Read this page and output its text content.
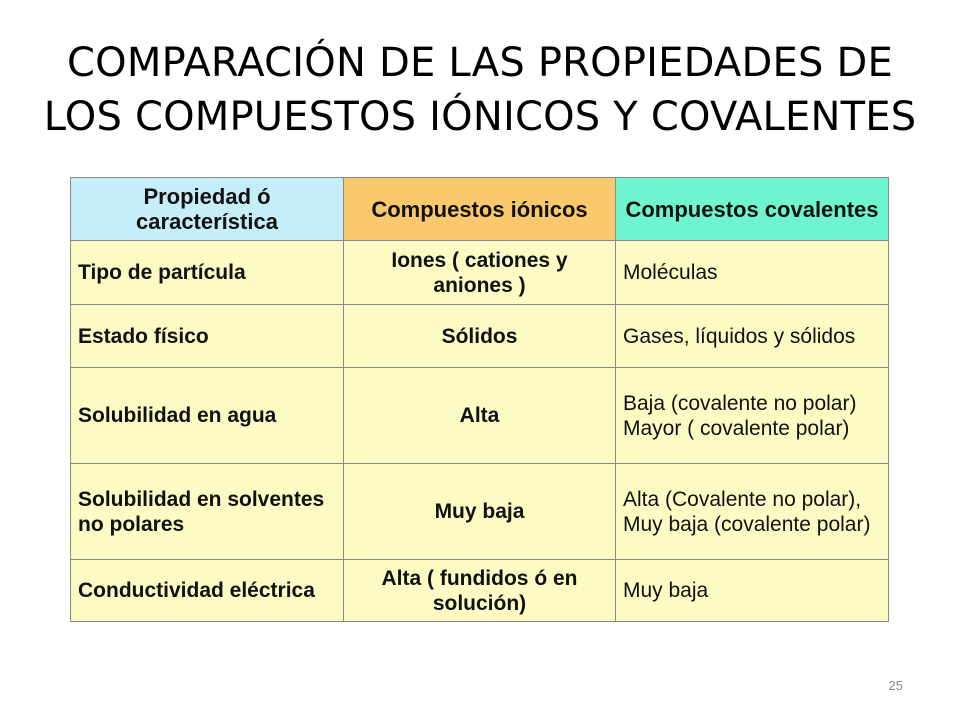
COMPARACIÓN DE LAS PROPIEDADES DE
LOS COMPUESTOS IÓNICOS Y COVALENTES
Propiedad ó característica	Compuestos iónicos	Compuestos covalentes
Tipo de partícula	Iones ( cationes y aniones )	Moléculas
Estado físico	Sólidos	Gases, líquidos y sólidos
Solubilidad en agua	Alta	Baja (covalente no polar) Mayor ( covalente polar)
Solubilidad en solventes no polares	Muy baja	Alta (Covalente no polar), Muy baja (covalente polar)
Conductividad eléctrica	Alta ( fundidos ó en solución)	Muy baja
25
